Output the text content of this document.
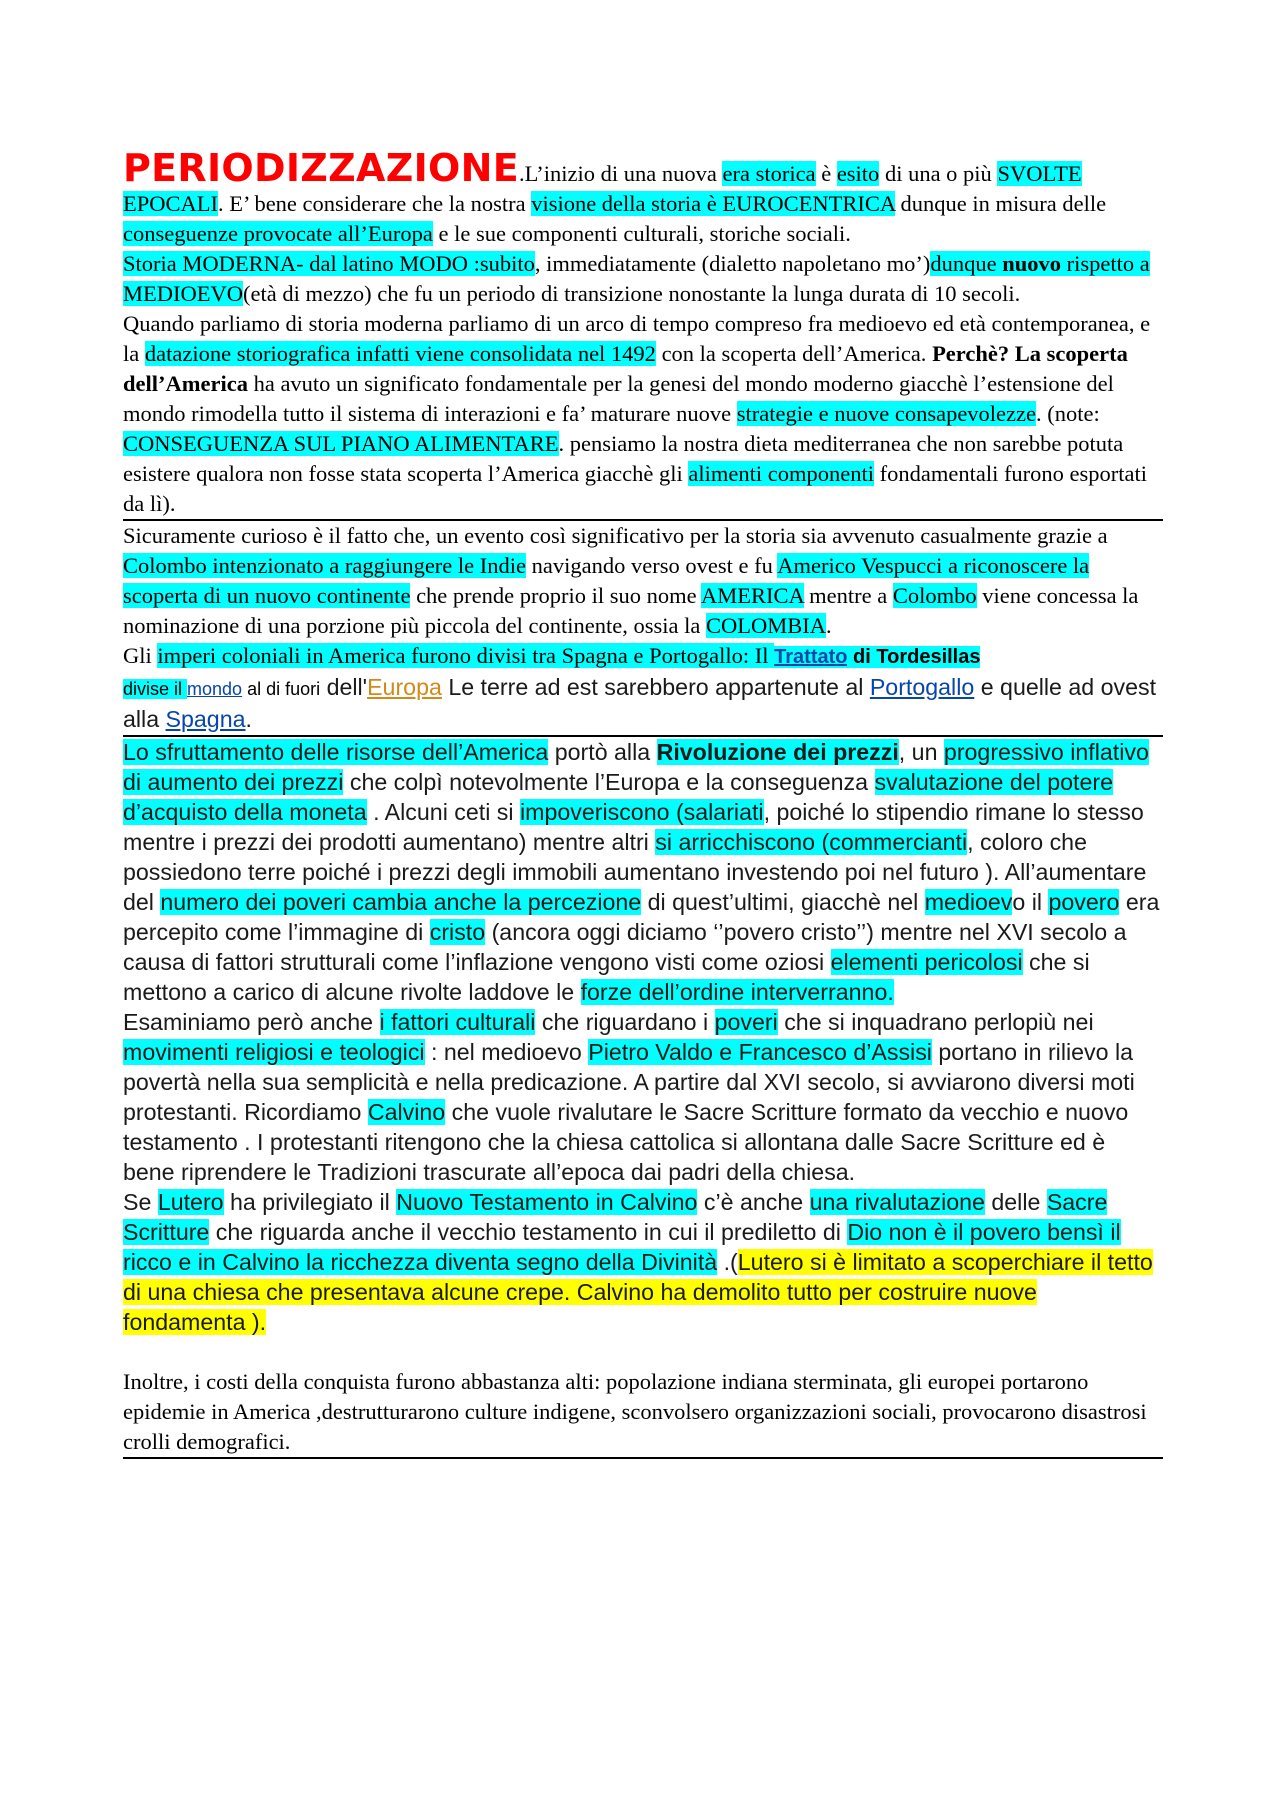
PERIODIZZAZIONE.L’inizio di una nuova era storica è esito di una o più SVOLTE EPOCALI. E’ bene considerare che la nostra visione della storia è EUROCENTRICA dunque in misura delle conseguenze provocate all’Europa e le sue componenti culturali, storiche sociali.

Storia MODERNA- dal latino MODO :subito, immediatamente (dialetto napoletano mo’)dunque nuovo rispetto a MEDIOEVO(età di mezzo) che fu un periodo di transizione nonostante la lunga durata di 10 secoli.

Quando parliamo di storia moderna parliamo di un arco di tempo compreso fra medioevo ed età contemporanea, e la datazione storiografica infatti viene consolidata nel 1492 con la scoperta dell’America. Perchè? La scoperta dell’America ha avuto un significato fondamentale per la genesi del mondo moderno giacchè l’estensione del mondo rimodella tutto il sistema di interazioni e fa’ maturare nuove strategie e nuove consapevolezze. (note: CONSEGUENZA SUL PIANO ALIMENTARE. pensiamo la nostra dieta mediterranea che non sarebbe potuta esistere qualora non fosse stata scoperta l’America giacchè gli alimenti componenti fondamentali furono esportati da lì).

Sicuramente curioso è il fatto che, un evento così significativo per la storia sia avvenuto casualmente grazie a Colombo intenzionato a raggiungere le Indie navigando verso ovest e fu Americo Vespucci a riconoscere la scoperta di un nuovo continente che prende proprio il suo nome AMERICA mentre a Colombo viene concessa la nominazione di una porzione più piccola del continente, ossia la COLOMBIA.

Gli imperi coloniali in America furono divisi tra Spagna e Portogallo: Il Trattato di Tordesillas
divise il mondo al di fuori dell'Europa Le terre ad est sarebbero appartenute al Portogallo e quelle ad ovest alla Spagna.

Lo sfruttamento delle risorse dell’America portò alla Rivoluzione dei prezzi, un progressivo inflativo di aumento dei prezzi che colpì notevolmente l’Europa e la conseguenza svalutazione del potere d’acquisto della moneta . Alcuni ceti si impoveriscono (salariati, poiché lo stipendio rimane lo stesso mentre i prezzi dei prodotti aumentano) mentre altri si arricchiscono (commercianti, coloro che possiedono terre poiché i prezzi degli immobili aumentano investendo poi nel futuro ). All’aumentare del numero dei poveri cambia anche la percezione di quest’ultimi, giacchè nel medioevo il povero era percepito come l’immagine di cristo (ancora oggi diciamo ‘’povero cristo’’) mentre nel XVI secolo a causa di fattori strutturali come l’inflazione vengono visti come oziosi elementi pericolosi che si mettono a carico di alcune rivolte laddove le forze dell’ordine interverranno.

Esaminiamo però anche i fattori culturali che riguardano i poveri che si inquadrano perlopiù nei movimenti religiosi e teologici : nel medioevo Pietro Valdo e Francesco d’Assisi portano in rilievo la povertà nella sua semplicità e nella predicazione. A partire dal XVI secolo, si avviarono diversi moti protestanti. Ricordiamo Calvino che vuole rivalutare le Sacre Scritture formato da vecchio e nuovo testamento . I protestanti ritengono che la chiesa cattolica si allontana dalle Sacre Scritture ed è bene riprendere le Tradizioni trascurate all’epoca dai padri della chiesa.

Se Lutero ha privilegiato il Nuovo Testamento in Calvino c’è anche una rivalutazione delle Sacre Scritture che riguarda anche il vecchio testamento in cui il prediletto di Dio non è il povero bensì il ricco e in Calvino la ricchezza diventa segno della Divinità .(Lutero si è limitato a scoperchiare il tetto di una chiesa che presentava alcune crepe. Calvino ha demolito tutto per costruire nuove fondamenta ).

Inoltre, i costi della conquista furono abbastanza alti: popolazione indiana sterminata, gli europei portarono epidemie in America ,destrutturarono culture indigene, sconvolsero organizzazioni sociali, provocarono disastrosi crolli demografici.
